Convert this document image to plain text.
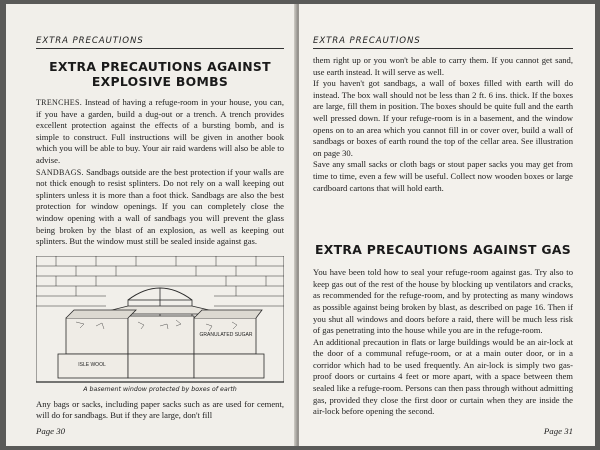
EXTRA PRECAUTIONS
EXTRA PRECAUTIONS AGAINST
EXPLOSIVE BOMBS

TRENCHES. Instead of having a refuge-room in your house, you can, if you have a garden, build a dug-out or a trench. A trench provides excellent protection against the effects of a bursting bomb, and is simple to construct. Full instructions will be given in another book which you will be able to buy. Your air raid wardens will also be able to advise.

SANDBAGS. Sandbags outside are the best protection if your walls are not thick enough to resist splinters. Do not rely on a wall keeping out splinters unless it is more than a foot thick. Sandbags are also the best protection for window openings. If you can completely close the window opening with a wall of sandbags you will prevent the glass being broken by the blast of an explosion, as well as keeping out splinters. But the window must still be sealed inside against gas.

GRANULATED SUGAR
ISLE WOOL
A basement window protected by boxes of earth

Any bags or sacks, including paper sacks such as are used for cement, will do for sandbags. But if they are large, don't fill

Page 30
EXTRA PRECAUTIONS

them right up or you won't be able to carry them. If you cannot get sand, use earth instead. It will serve as well.

If you haven't got sandbags, a wall of boxes filled with earth will do instead. The box wall should not be less than 2 ft. 6 ins. thick. If the boxes are large, fill them in position. The boxes should be quite full and the earth well pressed down. If your refuge-room is in a basement, and the window opens on to an area which you cannot fill in or cover over, build a wall of sandbags or boxes of earth round the top of the cellar area. See illustration on page 30.

Save any small sacks or cloth bags or stout paper sacks you may get from time to time, even a few will be useful. Collect now wooden boxes or large cardboard cartons that will hold earth.

EXTRA PRECAUTIONS AGAINST GAS

You have been told how to seal your refuge-room against gas. Try also to keep gas out of the rest of the house by blocking up ventilators and cracks, as recommended for the refuge-room, and by protecting as many windows as possible against being broken by blast, as described on page 16. Then if you shut all windows and doors before a raid, there will be much less risk of gas penetrating into the house while you are in the refuge-room.

An additional precaution in flats or large buildings would be an air-lock at the door of a communal refuge-room, or at a main outer door, or in a corridor which had to be used frequently. An air-lock is simply two gas-proof doors or curtains 4 feet or more apart, with a space between them sealed like a refuge-room. Persons can then pass through without admitting gas, provided they close the first door or curtain when they are inside the air-lock before opening the second.

Page 31
